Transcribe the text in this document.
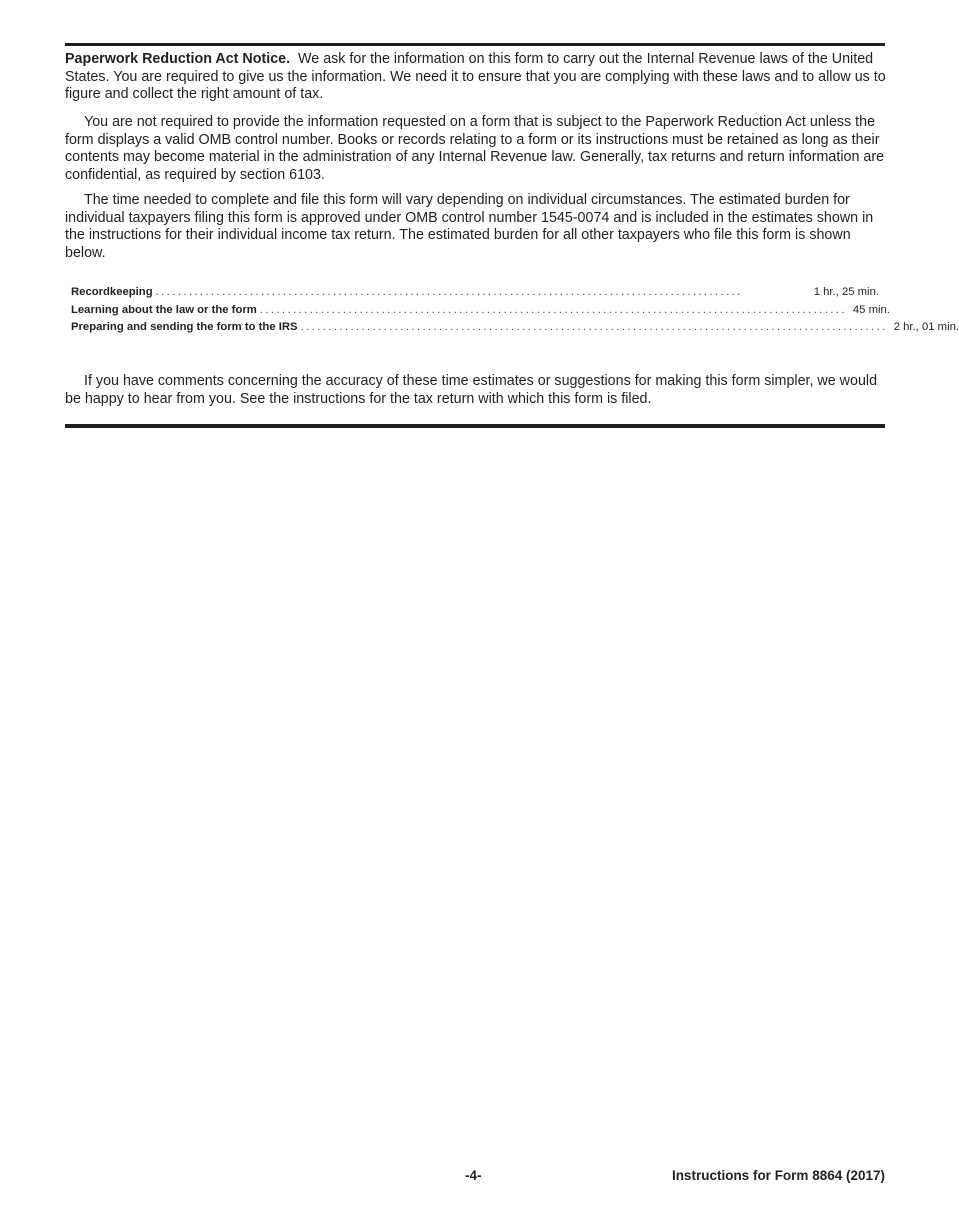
Paperwork Reduction Act Notice.  We ask for the information on this form to carry out the Internal Revenue laws of the United States. You are required to give us the information. We need it to ensure that you are complying with these laws and to allow us to figure and collect the right amount of tax.

You are not required to provide the information requested on a form that is subject to the Paperwork Reduction Act unless the form displays a valid OMB control number. Books or records relating to a form or its instructions must be retained as long as their contents may become material in the administration of any Internal Revenue law. Generally, tax returns and return information are confidential, as required by section 6103.

The time needed to complete and file this form will vary depending on individual circumstances. The estimated burden for individual taxpayers filing this form is approved under OMB control number 1545-0074 and is included in the estimates shown in the instructions for their individual income tax return. The estimated burden for all other taxpayers who file this form is shown below.

Recordkeeping ..........................................................................................................	1 hr., 25 min.
Learning about the law or the form .......................................................................................................... 45 min.
Preparing and sending the form to the IRS .......................................................................................................... 2 hr., 01 min.

If you have comments concerning the accuracy of these time estimates or suggestions for making this form simpler, we would be happy to hear from you. See the instructions for the tax return with which this form is filed.

-4-	Instructions for Form 8864 (2017)
